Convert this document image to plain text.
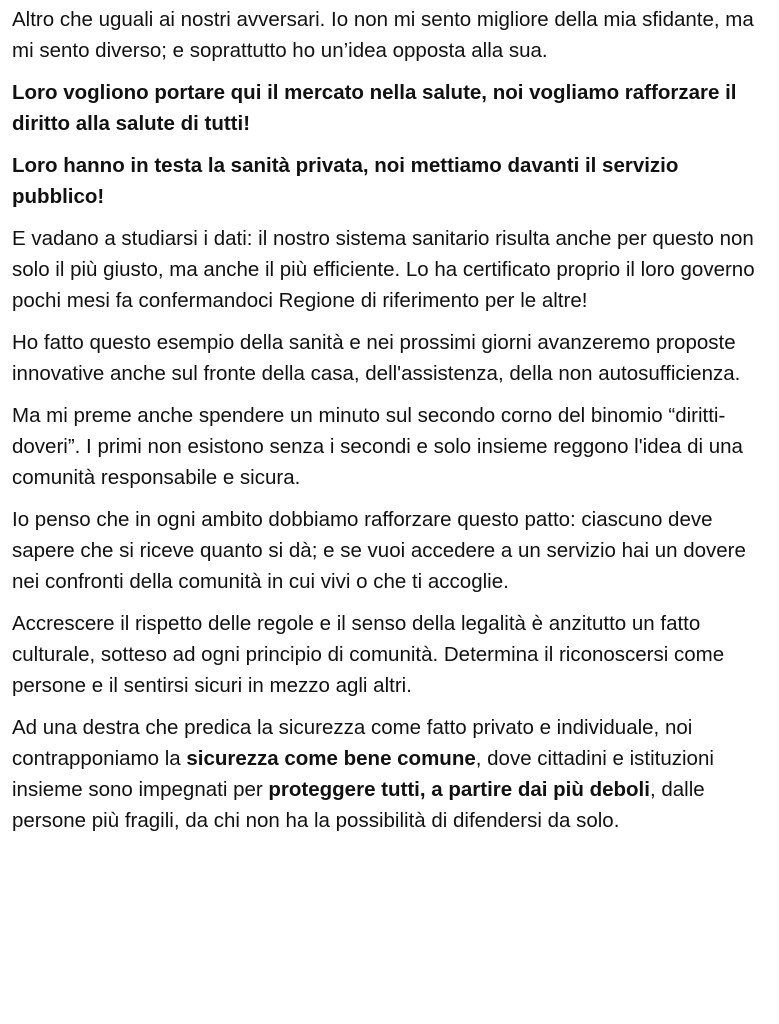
Altro che uguali ai nostri avversari. Io non mi sento migliore della mia sfidante, ma mi sento diverso; e soprattutto ho un’idea opposta alla sua.

Loro vogliono portare qui il mercato nella salute, noi vogliamo rafforzare il diritto alla salute di tutti!

Loro hanno in testa la sanità privata, noi mettiamo davanti il servizio pubblico!

E vadano a studiarsi i dati: il nostro sistema sanitario risulta anche per questo non solo il più giusto, ma anche il più efficiente. Lo ha certificato proprio il loro governo pochi mesi fa confermandoci Regione di riferimento per le altre!

Ho fatto questo esempio della sanità e nei prossimi giorni avanzeremo proposte innovative anche sul fronte della casa, dell'assistenza, della non autosufficienza.

Ma mi preme anche spendere un minuto sul secondo corno del binomio “diritti-doveri”. I primi non esistono senza i secondi e solo insieme reggono l'idea di una comunità responsabile e sicura.

Io penso che in ogni ambito dobbiamo rafforzare questo patto: ciascuno deve sapere che si riceve quanto si dà; e se vuoi accedere a un servizio hai un dovere nei confronti della comunità in cui vivi o che ti accoglie.

Accrescere il rispetto delle regole e il senso della legalità è anzitutto un fatto culturale, sotteso ad ogni principio di comunità. Determina il riconoscersi come persone e il sentirsi sicuri in mezzo agli altri.

Ad una destra che predica la sicurezza come fatto privato e individuale, noi contrapponiamo la sicurezza come bene comune, dove cittadini e istituzioni insieme sono impegnati per proteggere tutti, a partire dai più deboli, dalle persone più fragili, da chi non ha la possibilità di difendersi da solo.
